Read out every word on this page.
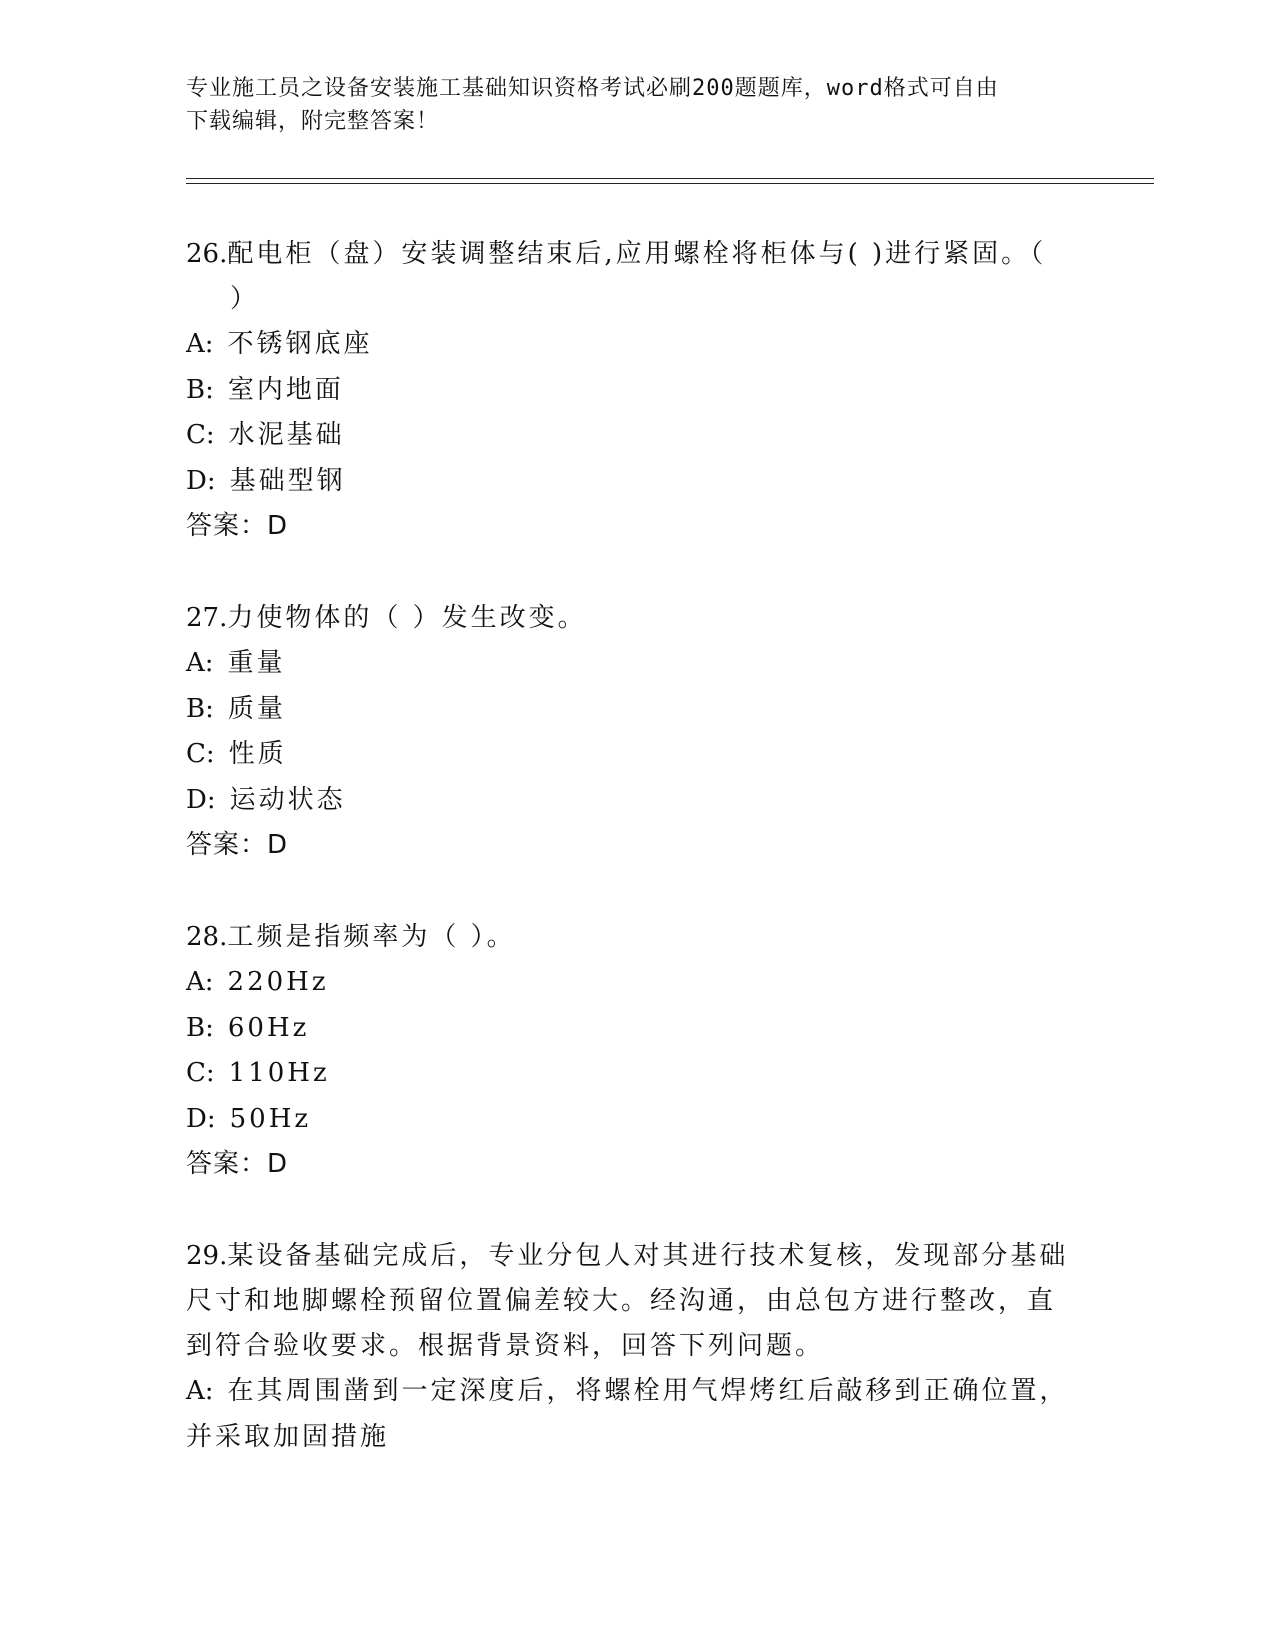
专业施工员之设备安装施工基础知识资格考试必刷200题题库，word格式可自由
下载编辑，附完整答案！

26.配电柜（盘）安装调整结束后,应用螺栓将柜体与( )进行紧固。（
）

A: 不锈钢底座

B: 室内地面

C: 水泥基础

D: 基础型钢

答案：D

27.力使物体的（ ）发生改变。

A: 重量

B: 质量

C: 性质

D: 运动状态

答案：D

28.工频是指频率为（ ）。

A: 220Hz

B: 60Hz

C: 110Hz

D: 50Hz

答案：D

29.某设备基础完成后，专业分包人对其进行技术复核，发现部分基础
尺寸和地脚螺栓预留位置偏差较大。经沟通，由总包方进行整改，直
到符合验收要求。根据背景资料，回答下列问题。

A: 在其周围凿到一定深度后，将螺栓用气焊烤红后敲移到正确位置，
并采取加固措施
